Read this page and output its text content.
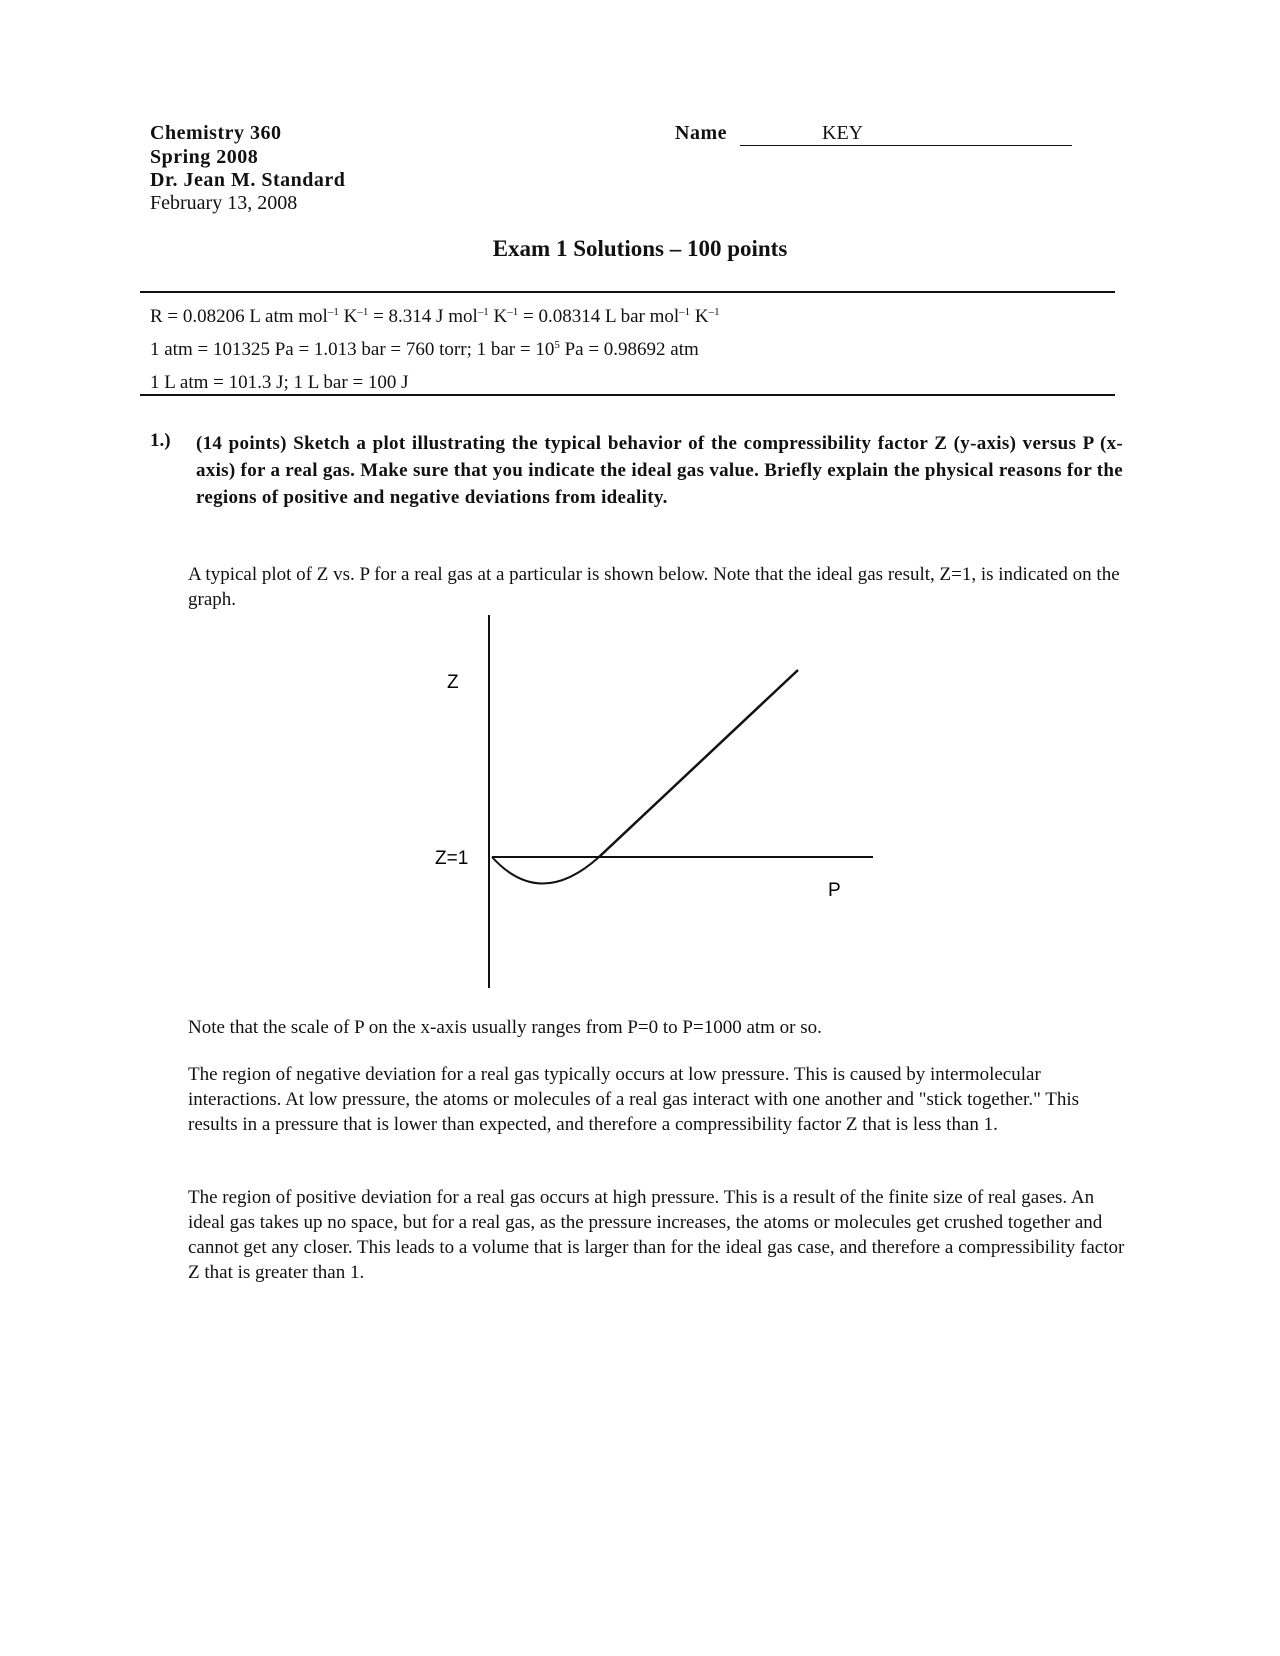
Chemistry 360
Spring 2008
Dr. Jean M. Standard
February 13, 2008
Name	KEY
Exam 1 Solutions – 100 points
R = 0.08206 L atm mol$^{-1}$ $K^{-1} = 8.314$ J mol$^{-1}$ $K^{-1} = 0.08314$ L bar mol$^{-1}$ $K^{-1}$
1 atm = 101325 Pa = 1.013 bar = 760 torr; 1 bar = $10^5$ Pa = 0.98692 atm
1 L atm = 101.3 J; 1 L bar = 100 J
1.) (14 points) Sketch a plot illustrating the typical behavior of the compressibility factor Z (y-axis) versus P (x-axis) for a real gas. Make sure that you indicate the ideal gas value. Briefly explain the physical reasons for the regions of positive and negative deviations from ideality.
A typical plot of Z vs. P for a real gas at a particular is shown below. Note that the ideal gas result, Z=1, is indicated on the graph.
Z
Z=1
P
Note that the scale of P on the x-axis usually ranges from P=0 to P=1000 atm or so.
The region of negative deviation for a real gas typically occurs at low pressure. This is caused by intermolecular interactions. At low pressure, the atoms or molecules of a real gas interact with one another and "stick together." This results in a pressure that is lower than expected, and therefore a compressibility factor Z that is less than 1.
The region of positive deviation for a real gas occurs at high pressure. This is a result of the finite size of real gases. An ideal gas takes up no space, but for a real gas, as the pressure increases, the atoms or molecules get crushed together and cannot get any closer. This leads to a volume that is larger than for the ideal gas case, and therefore a compressibility factor Z that is greater than 1.
